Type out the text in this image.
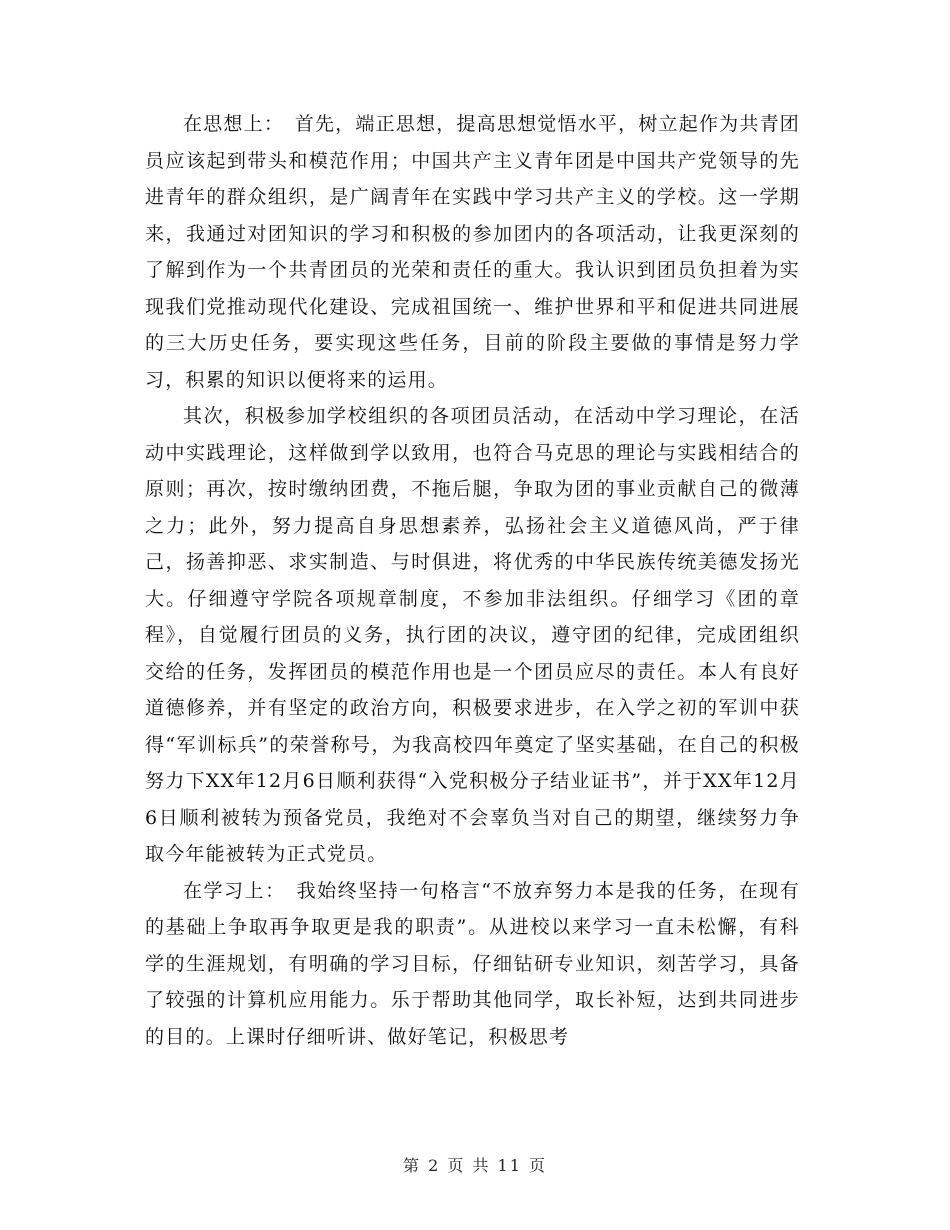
在思想上：　首先，端正思想，提高思想觉悟水平，树立起作为共青团员应该起到带头和模范作用；中国共产主义青年团是中国共产党领导的先进青年的群众组织，是广阔青年在实践中学习共产主义的学校。这一学期来，我通过对团知识的学习和积极的参加团内的各项活动，让我更深刻的了解到作为一个共青团员的光荣和责任的重大。我认识到团员负担着为实现我们党推动现代化建设、完成祖国统一、维护世界和平和促进共同进展的三大历史任务，要实现这些任务，目前的阶段主要做的事情是努力学习，积累的知识以便将来的运用。

其次，积极参加学校组织的各项团员活动，在活动中学习理论，在活动中实践理论，这样做到学以致用，也符合马克思的理论与实践相结合的原则；再次，按时缴纳团费，不拖后腿，争取为团的事业贡献自己的微薄之力；此外，努力提高自身思想素养，弘扬社会主义道德风尚，严于律己，扬善抑恶、求实制造、与时俱进，将优秀的中华民族传统美德发扬光大。仔细遵守学院各项规章制度，不参加非法组织。仔细学习《团的章程》，自觉履行团员的义务，执行团的决议，遵守团的纪律，完成团组织交给的任务，发挥团员的模范作用也是一个团员应尽的责任。本人有良好道德修养，并有坚定的政治方向，积极要求进步，在入学之初的军训中获得“军训标兵”的荣誉称号，为我高校四年奠定了坚实基础，在自己的积极努力下XX年12月6日顺利获得“入党积极分子结业证书”，并于XX年12月6日顺利被转为预备党员，我绝对不会辜负当对自己的期望，继续努力争取今年能被转为正式党员。

在学习上：　我始终坚持一句格言“不放弃努力本是我的任务，在现有的基础上争取再争取更是我的职责”。从进校以来学习一直未松懈，有科学的生涯规划，有明确的学习目标，仔细钻研专业知识，刻苦学习，具备了较强的计算机应用能力。乐于帮助其他同学，取长补短，达到共同进步的目的。上课时仔细听讲、做好笔记，积极思考

第 2 页 共 11 页
